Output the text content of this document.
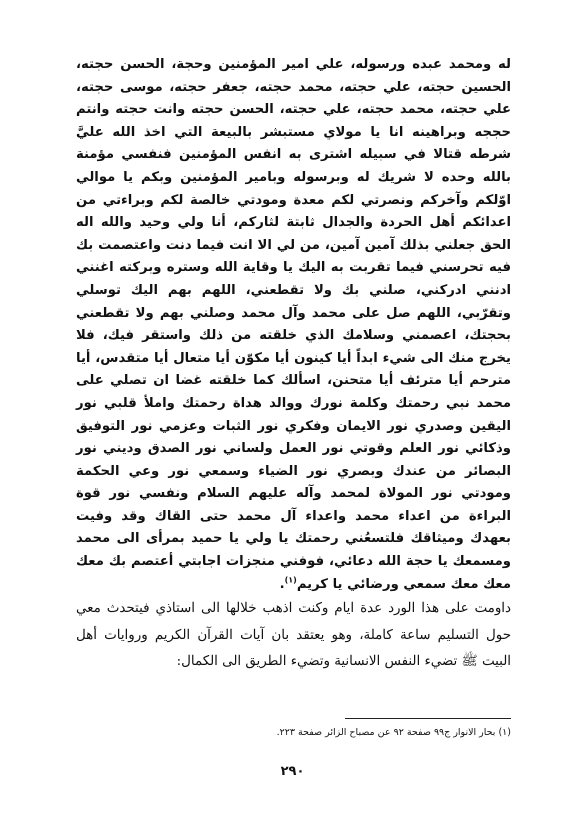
له ومحمد عبده ورسوله، علي امير المؤمنين وحجة، الحسن حجته، الحسين حجته، علي حجته، محمد حجته، جعفر حجته، موسى حجته، علي حجته، محمد حجته، علي حجته، الحسن حجته وانت حجته وانتم حججه وبراهينه انا يا مولاي مستبشر بالبيعة التي اخذ الله عليَّ شرطه قتالا في سبيله اشترى به انفس المؤمنين فنفسي مؤمنة بالله وحده لا شريك له وبرسوله وبامير المؤمنين وبكم يا موالي اوّلكم وآخركم ونصرتي لكم معدة ومودتي خالصة لكم وبراءتي من اعدائكم أهل الحردة والجدال ثابتة لثاركم، أنا ولي وحيد والله اله الحق جعلني بذلك آمين آمين، من لي الا انت فيما دنت واعتصمت بك فيه تحرسني فيما تقربت به اليك يا وقاية الله وستره وبركته اغنني ادنني ادركني، صلني بك ولا تقطعني، اللهم بهم اليك توسلي وتقرّبي، اللهم صل على محمد وآل محمد وصلني بهم ولا تقطعني بحجتك، اعصمني وسلامك الذي خلقته من ذلك واستقر فيك، فلا يخرج منك الى شيء ابداً أيا كينون أيا مكوّن أيا متعال أيا متقدس، أيا مترحم أيا مترئف أيا متحنن، اسألك كما خلقته غضا ان تصلي على محمد نبي رحمتك وكلمة نورك ووالد هداة رحمتك واملأ قلبي نور اليقين وصدري نور الايمان وفكري نور الثبات وعزمي نور التوفيق وذكائي نور العلم وقوتي نور العمل ولساني نور الصدق وديني نور البصائر من عندك وبصري نور الضياء وسمعي نور وعي الحكمة ومودتي نور المولاة لمحمد وآله عليهم السلام ونفسي نور قوة البراءة من اعداء محمد واعداء آل محمد حتى القاك وقد وفيت بعهدك وميثاقك فلتسعُني رحمتك يا ولي يا حميد بمرأى الى محمد ومسمعك يا حجة الله دعائي، فوفني منجزات اجابتي أعتصم بك معك معك معك سمعي ورضائي يا كريم$^{(١)}$.

داومت على هذا الورد عدة ايام وكنت اذهب خلالها الى استاذي فيتحدث معي حول التسليم ساعة كاملة، وهو يعتقد بان آيات القرآن الكريم وروايات أهل البيت ﷺ تضيء النفس الانسانية وتضيء الطريق الى الكمال:

(١) بحار الانوار ج٩٩ صفحة ٩٢ عن مصباح الزائر صفحة ٢٢٣.

٢٩٠
